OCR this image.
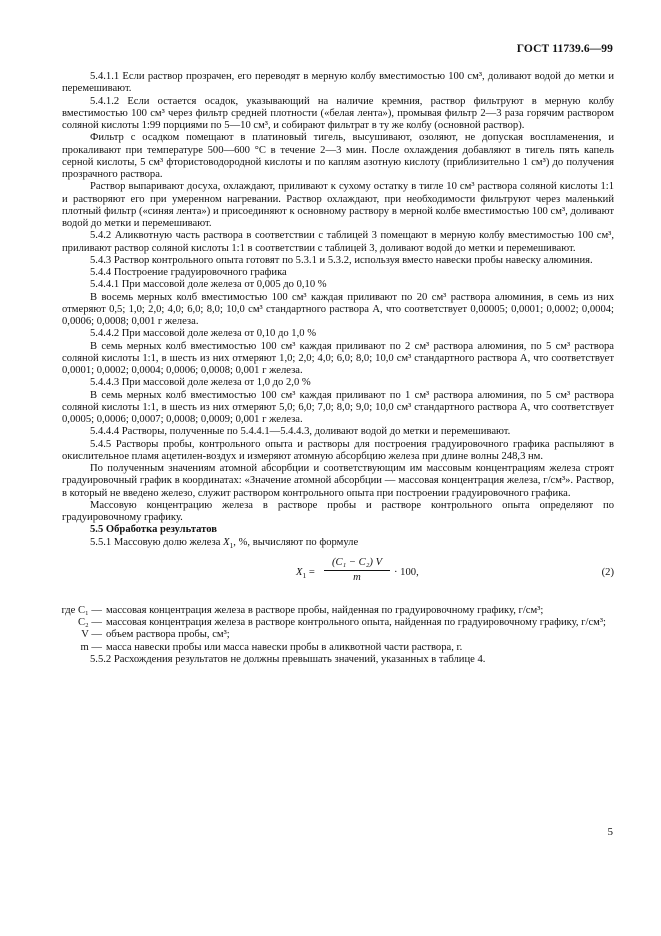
ГОСТ 11739.6—99

5.4.1.1 Если раствор прозрачен, его переводят в мерную колбу вместимостью 100 см³, доливают водой до метки и перемешивают.

5.4.1.2 Если остается осадок, указывающий на наличие кремния, раствор фильтруют в мерную колбу вместимостью 100 см³ через фильтр средней плотности («белая лента»), промывая фильтр 2—3 раза горячим раствором соляной кислоты 1:99 порциями по 5—10 см³, и собирают фильтрат в ту же колбу (основной раствор).

Фильтр с осадком помещают в платиновый тигель, высушивают, озоляют, не допуская воспламенения, и прокаливают при температуре 500—600 °С в течение 2—3 мин. После охлаждения добавляют в тигель пять капель серной кислоты, 5 см³ фтористоводородной кислоты и по каплям азотную кислоту (приблизительно 1 см³) до получения прозрачного раствора.

Раствор выпаривают досуха, охлаждают, приливают к сухому остатку в тигле 10 см³ раствора соляной кислоты 1:1 и растворяют его при умеренном нагревании. Раствор охлаждают, при необходимости фильтруют через маленький плотный фильтр («синяя лента») и присоединяют к основному раствору в мерной колбе вместимостью 100 см³, доливают водой до метки и перемешивают.

5.4.2 Аликвотную часть раствора в соответствии с таблицей 3 помещают в мерную колбу вместимостью 100 см³, приливают раствор соляной кислоты 1:1 в соответствии с таблицей 3, доливают водой до метки и перемешивают.

5.4.3 Раствор контрольного опыта готовят по 5.3.1 и 5.3.2, используя вместо навески пробы навеску алюминия.

5.4.4 Построение градуировочного графика

5.4.4.1 При массовой доле железа от 0,005 до 0,10 %

В восемь мерных колб вместимостью 100 см³ каждая приливают по 20 см³ раствора алюминия, в семь из них отмеряют 0,5; 1,0; 2,0; 4,0; 6,0; 8,0; 10,0 см³ стандартного раствора А, что соответствует 0,00005; 0,0001; 0,0002; 0,0004; 0,0006; 0,0008; 0,001 г железа.

5.4.4.2 При массовой доле железа от 0,10 до 1,0 %

В семь мерных колб вместимостью 100 см³ каждая приливают по 2 см³ раствора алюминия, по 5 см³ раствора соляной кислоты 1:1, в шесть из них отмеряют 1,0; 2,0; 4,0; 6,0; 8,0; 10,0 см³ стандартного раствора А, что соответствует 0,0001; 0,0002; 0,0004; 0,0006; 0,0008; 0,001 г железа.

5.4.4.3 При массовой доле железа от 1,0 до 2,0 %

В семь мерных колб вместимостью 100 см³ каждая приливают по 1 см³ раствора алюминия, по 5 см³ раствора соляной кислоты 1:1, в шесть из них отмеряют 5,0; 6,0; 7,0; 8,0; 9,0; 10,0 см³ стандартного раствора А, что соответствует 0,0005; 0,0006; 0,0007; 0,0008; 0,0009; 0,001 г железа.

5.4.4.4 Растворы, полученные по 5.4.4.1—5.4.4.3, доливают водой до метки и перемешивают.

5.4.5 Растворы пробы, контрольного опыта и растворы для построения градуировочного графика распыляют в окислительное пламя ацетилен-воздух и измеряют атомную абсорбцию железа при длине волны 248,3 нм.

По полученным значениям атомной абсорбции и соответствующим им массовым концентрациям железа строят градуировочный график в координатах: «Значение атомной абсорбции — массовая концентрация железа, г/см³». Раствор, в который не введено железо, служит раствором контрольного опыта при построении градуировочного графика.

Массовую концентрацию железа в растворе пробы и растворе контрольного опыта определяют по градуировочному графику.

5.5 Обработка результатов

5.5.1 Массовую долю железа $X_1$, %, вычисляют по формуле

$X_1 = \frac{\text{(C₁ − C₂) V}}{m} \cdot 100$,	(2)

где C₁ — массовая концентрация железа в растворе пробы, найденная по градуировочному графику, г/см³;

C₂ — массовая концентрация железа в растворе контрольного опыта, найденная по градуировочному графику, г/см³;

V — объем раствора пробы, см³;

m — масса навески пробы или масса навески пробы в аликвотной части раствора, г.

5.5.2 Расхождения результатов не должны превышать значений, указанных в таблице 4.

5
